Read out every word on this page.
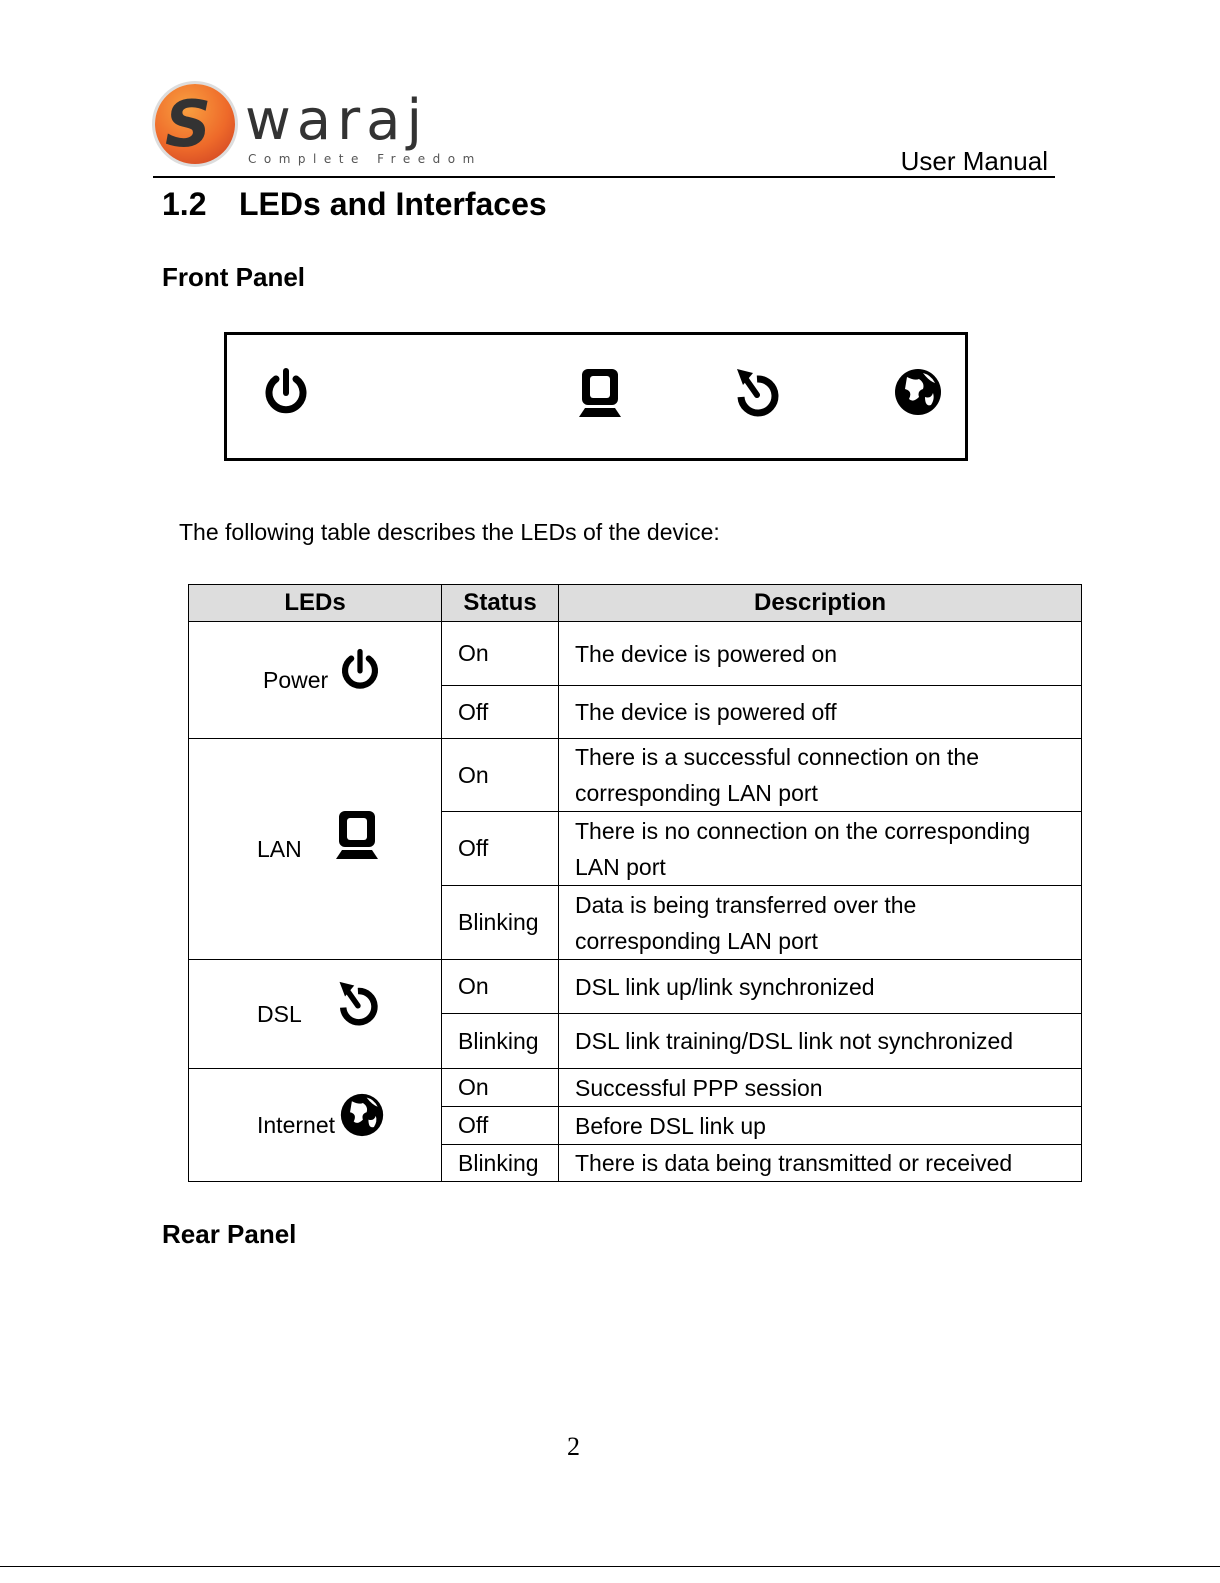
S waraj
Complete Freedom	User Manual
1.2 LEDs and Interfaces
Front Panel
The following table describes the LEDs of the device:
LEDs	Status	Description

Power	On	The device is powered on
	Off	The device is powered off

LAN	On	There is a successful connection on the corresponding LAN port
	Off	There is no connection on the corresponding LAN port
	Blinking	Data is being transferred over the corresponding LAN port

DSL	On	DSL link up/link synchronized
	Blinking	DSL link training/DSL link not synchronized

Internet	On	Successful PPP session
	Off	Before DSL link up
	Blinking	There is data being transmitted or received
Rear Panel
2
